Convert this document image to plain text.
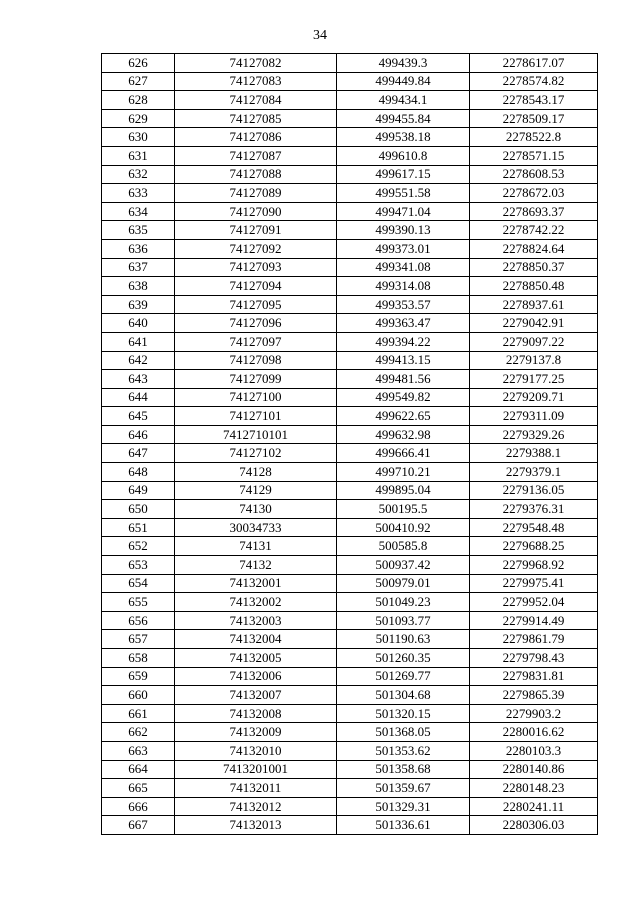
34
626	74127082	499439.3	2278617.07
627	74127083	499449.84	2278574.82
628	74127084	499434.1	2278543.17
629	74127085	499455.84	2278509.17
630	74127086	499538.18	2278522.8
631	74127087	499610.8	2278571.15
632	74127088	499617.15	2278608.53
633	74127089	499551.58	2278672.03
634	74127090	499471.04	2278693.37
635	74127091	499390.13	2278742.22
636	74127092	499373.01	2278824.64
637	74127093	499341.08	2278850.37
638	74127094	499314.08	2278850.48
639	74127095	499353.57	2278937.61
640	74127096	499363.47	2279042.91
641	74127097	499394.22	2279097.22
642	74127098	499413.15	2279137.8
643	74127099	499481.56	2279177.25
644	74127100	499549.82	2279209.71
645	74127101	499622.65	2279311.09
646	7412710101	499632.98	2279329.26
647	74127102	499666.41	2279388.1
648	74128	499710.21	2279379.1
649	74129	499895.04	2279136.05
650	74130	500195.5	2279376.31
651	30034733	500410.92	2279548.48
652	74131	500585.8	2279688.25
653	74132	500937.42	2279968.92
654	74132001	500979.01	2279975.41
655	74132002	501049.23	2279952.04
656	74132003	501093.77	2279914.49
657	74132004	501190.63	2279861.79
658	74132005	501260.35	2279798.43
659	74132006	501269.77	2279831.81
660	74132007	501304.68	2279865.39
661	74132008	501320.15	2279903.2
662	74132009	501368.05	2280016.62
663	74132010	501353.62	2280103.3
664	7413201001	501358.68	2280140.86
665	74132011	501359.67	2280148.23
666	74132012	501329.31	2280241.11
667	74132013	501336.61	2280306.03
